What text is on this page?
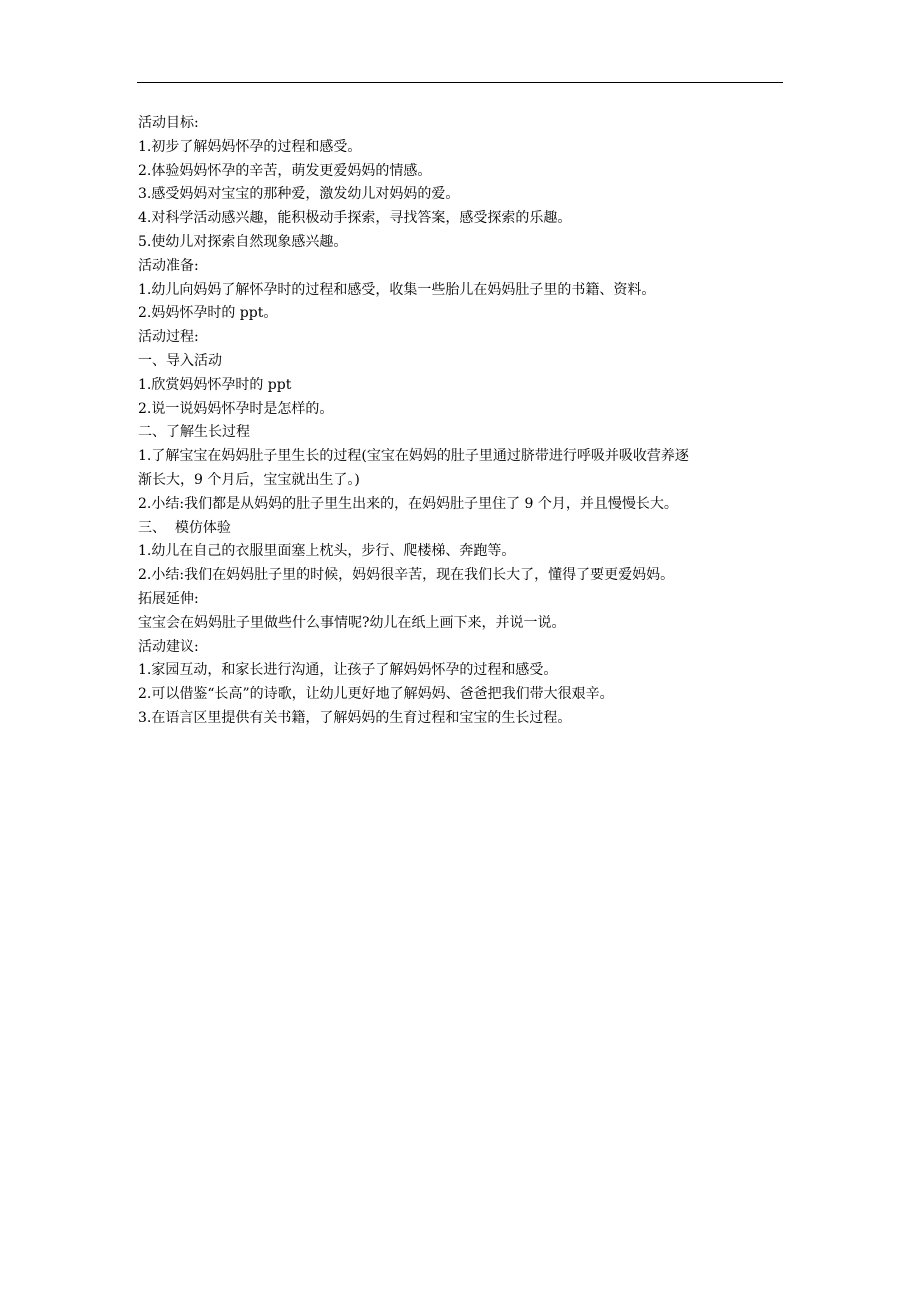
活动目标:
1.初步了解妈妈怀孕的过程和感受。
2.体验妈妈怀孕的辛苦，萌发更爱妈妈的情感。
3.感受妈妈对宝宝的那种爱，激发幼儿对妈妈的爱。
4.对科学活动感兴趣，能积极动手探索，寻找答案，感受探索的乐趣。
5.使幼儿对探索自然现象感兴趣。
活动准备:
1.幼儿向妈妈了解怀孕时的过程和感受，收集一些胎儿在妈妈肚子里的书籍、资料。
2.妈妈怀孕时的 ppt。
活动过程:
一、导入活动
1.欣赏妈妈怀孕时的 ppt
2.说一说妈妈怀孕时是怎样的。
二、了解生长过程
1.了解宝宝在妈妈肚子里生长的过程(宝宝在妈妈的肚子里通过脐带进行呼吸并吸收营养逐
渐长大，9 个月后，宝宝就出生了。)
2.小结:我们都是从妈妈的肚子里生出来的，在妈妈肚子里住了 9 个月，并且慢慢长大。
三、  模仿体验
1.幼儿在自己的衣服里面塞上枕头，步行、爬楼梯、奔跑等。
2.小结:我们在妈妈肚子里的时候，妈妈很辛苦，现在我们长大了，懂得了要更爱妈妈。
拓展延伸:
宝宝会在妈妈肚子里做些什么事情呢?幼儿在纸上画下来，并说一说。
活动建议:
1.家园互动，和家长进行沟通，让孩子了解妈妈怀孕的过程和感受。
2.可以借鉴“长高”的诗歌，让幼儿更好地了解妈妈、爸爸把我们带大很艰辛。
3.在语言区里提供有关书籍，了解妈妈的生育过程和宝宝的生长过程。
